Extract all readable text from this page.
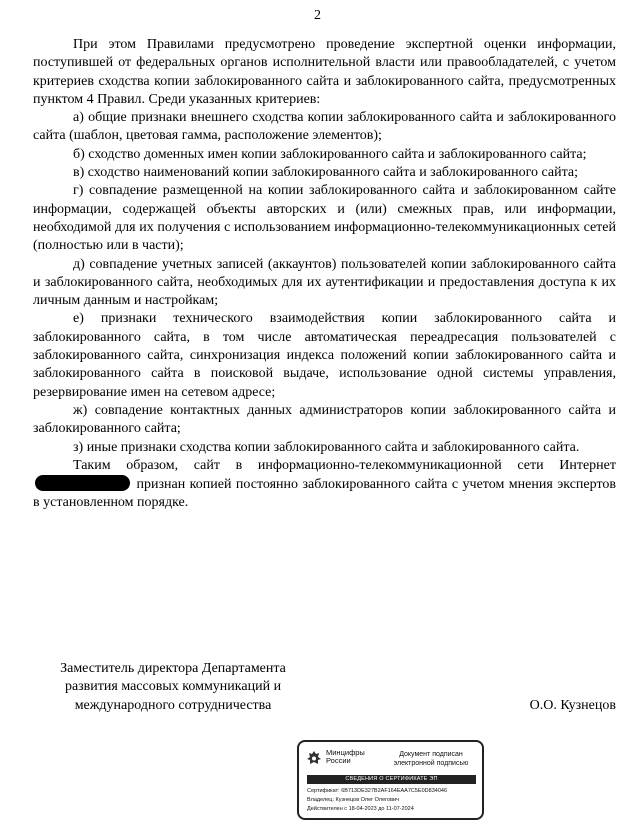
2

При этом Правилами предусмотрено проведение экспертной оценки информации, поступившей от федеральных органов исполнительной власти или правообладателей, с учетом критериев сходства копии заблокированного сайта и заблокированного сайта, предусмотренных пунктом 4 Правил. Среди указанных критериев:

а) общие признаки внешнего сходства копии заблокированного сайта и заблокированного сайта (шаблон, цветовая гамма, расположение элементов);

б) сходство доменных имен копии заблокированного сайта и заблокированного сайта;

в) сходство наименований копии заблокированного сайта и заблокированного сайта;

г) совпадение размещенной на копии заблокированного сайта и заблокированном сайте информации, содержащей объекты авторских и (или) смежных прав, или информации, необходимой для их получения с использованием информационно-телекоммуникационных сетей (полностью или в части);

д) совпадение учетных записей (аккаунтов) пользователей копии заблокированного сайта и заблокированного сайта, необходимых для их аутентификации и предоставления доступа к их личным данным и настройкам;

е) признаки технического взаимодействия копии заблокированного сайта и заблокированного сайта, в том числе автоматическая переадресация пользователей с заблокированного сайта, синхронизация индекса положений копии заблокированного сайта и заблокированного сайта в поисковой выдаче, использование одной системы управления, резервирование имен на сетевом адресе;

ж) совпадение контактных данных администраторов копии заблокированного сайта и заблокированного сайта;

з) иные признаки сходства копии заблокированного сайта и заблокированного сайта.

Таким образом, сайт в информационно-телекоммуникационной сети Интернет  признан копией постоянно заблокированного сайта с учетом мнения экспертов в установленном порядке.

Заместитель директора Департамента
развития массовых коммуникаций и
международного сотрудничества	О.О. Кузнецов
Минцифры
России
Документ подписан
электронной подписью
СВЕДЕНИЯ О СЕРТИФИКАТЕ ЭП
Сертификат: 6B713DE327B2AF164EAA7C5E0D834046
Владелец: Кузнецов Олег Олегович
Действителен с 18-04-2023 до 11-07-2024
